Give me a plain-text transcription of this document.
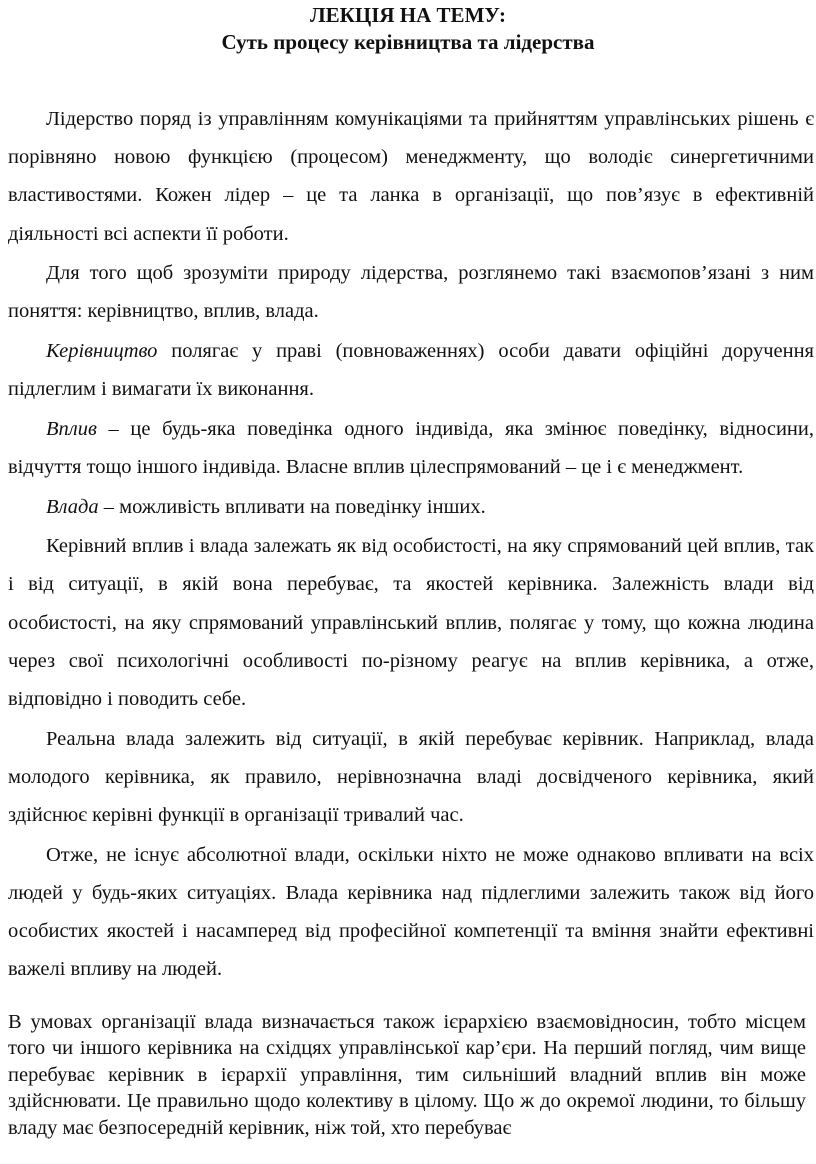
ЛЕКЦІЯ НА ТЕМУ:
Суть процесу керівництва та лідерства

Лідерство поряд із управлінням комунікаціями та прийняттям управлінських рішень є порівняно новою функцією (процесом) менеджменту, що володіє синергетичними властивостями. Кожен лідер – це та ланка в організації, що пов’язує в ефективній діяльності всі аспекти її роботи.

Для того щоб зрозуміти природу лідерства, розглянемо такі взаємопов’язані з ним поняття: керівництво, вплив, влада.

Керівництво полягає у праві (повноваженнях) особи давати офіційні доручення підлеглим і вимагати їх виконання.

Вплив – це будь-яка поведінка одного індивіда, яка змінює поведінку, відносини, відчуття тощо іншого індивіда. Власне вплив цілеспрямований – це і є менеджмент.

Влада – можливість впливати на поведінку інших.

Керівний вплив і влада залежать як від особистості, на яку спрямований цей вплив, так і від ситуації, в якій вона перебуває, та якостей керівника. Залежність влади від особистості, на яку спрямований управлінський вплив, полягає у тому, що кожна людина через свої психологічні особливості по-різному реагує на вплив керівника, а отже, відповідно і поводить себе.

Реальна влада залежить від ситуації, в якій перебуває керівник. Наприклад, влада молодого керівника, як правило, нерівнозначна владі досвідченого керівника, який здійснює керівні функції в організації тривалий час.

Отже, не існує абсолютної влади, оскільки ніхто не може однаково впливати на всіх людей у будь-яких ситуаціях. Влада керівника над підлеглими залежить також від його особистих якостей і насамперед від професійної компетенції та вміння знайти ефективні важелі впливу на людей.

В умовах організації влада визначається також ієрархією взаємовідносин, тобто місцем того чи іншого керівника на східцях управлінської кар’єри. На перший погляд, чим вище перебуває керівник в ієрархії управління, тим сильніший владний вплив він може здійснювати. Це правильно щодо колективу в цілому. Що ж до окремої людини, то більшу владу має безпосередній керівник, ніж той, хто перебуває
